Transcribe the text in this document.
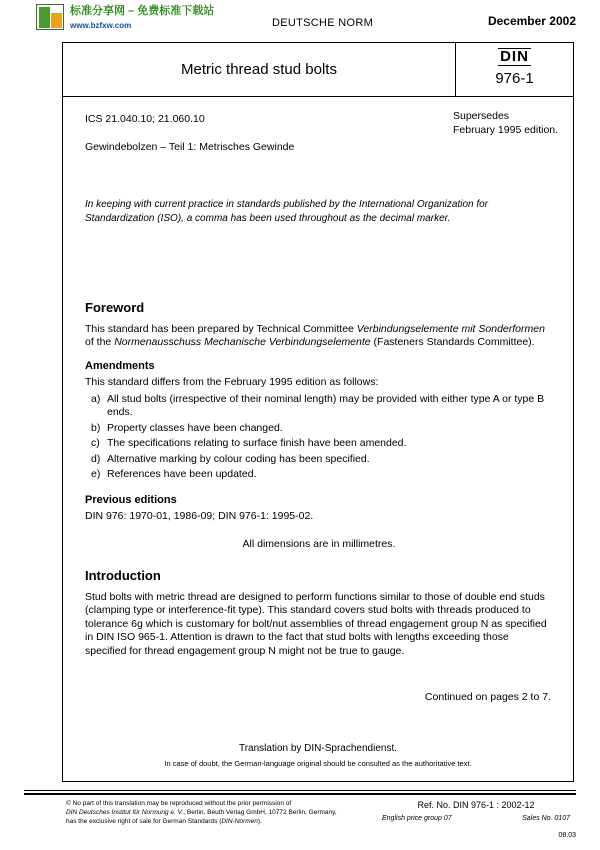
标准分享网 – 免费标准下载站
www.bzfxw.com	DEUTSCHE NORM	December 2002
Metric thread stud bolts
DIN
976-1
ICS 21.040.10; 21.060.10	Supersedes
February 1995 edition.
Gewindebolzen – Teil 1: Metrisches Gewinde
In keeping with current practice in standards published by the International Organization for Standardization (ISO), a comma has been used throughout as the decimal marker.
Foreword

This standard has been prepared by Technical Committee Verbindungselemente mit Sonderformen of the Normenausschuss Mechanische Verbindungselemente (Fasteners Standards Committee).

Amendments
This standard differs from the February 1995 edition as follows:
a) All stud bolts (irrespective of their nominal length) may be provided with either type A or type B ends.
b) Property classes have been changed.
c) The specifications relating to surface finish have been amended.
d) Alternative marking by colour coding has been specified.
e) References have been updated.
Previous editions
DIN 976: 1970-01, 1986-09; DIN 976-1: 1995-02.
All dimensions are in millimetres.
Introduction

Stud bolts with metric thread are designed to perform functions similar to those of double end studs (clamping type or interference-fit type). This standard covers stud bolts with threads produced to tolerance 6g which is customary for bolt/nut assemblies of thread engagement group N as specified in DIN ISO 965-1. Attention is drawn to the fact that stud bolts with lengths exceeding those specified for thread engagement group N might not be true to gauge.

Continued on pages 2 to 7.
Translation by DIN-Sprachendienst.
In case of doubt, the German-language original should be consulted as the authoritative text.
© No part of this translation may be reproduced without the prior permission of
DIN Deutsches Institut für Normung e. V., Berlin, Beuth Verlag GmbH, 10772 Berlin, Germany,
has the exclusive right of sale for German Standards (DIN-Normen).
Ref. No. DIN 976-1 : 2002-12
English price group 07	Sales No. 0107
08.03
